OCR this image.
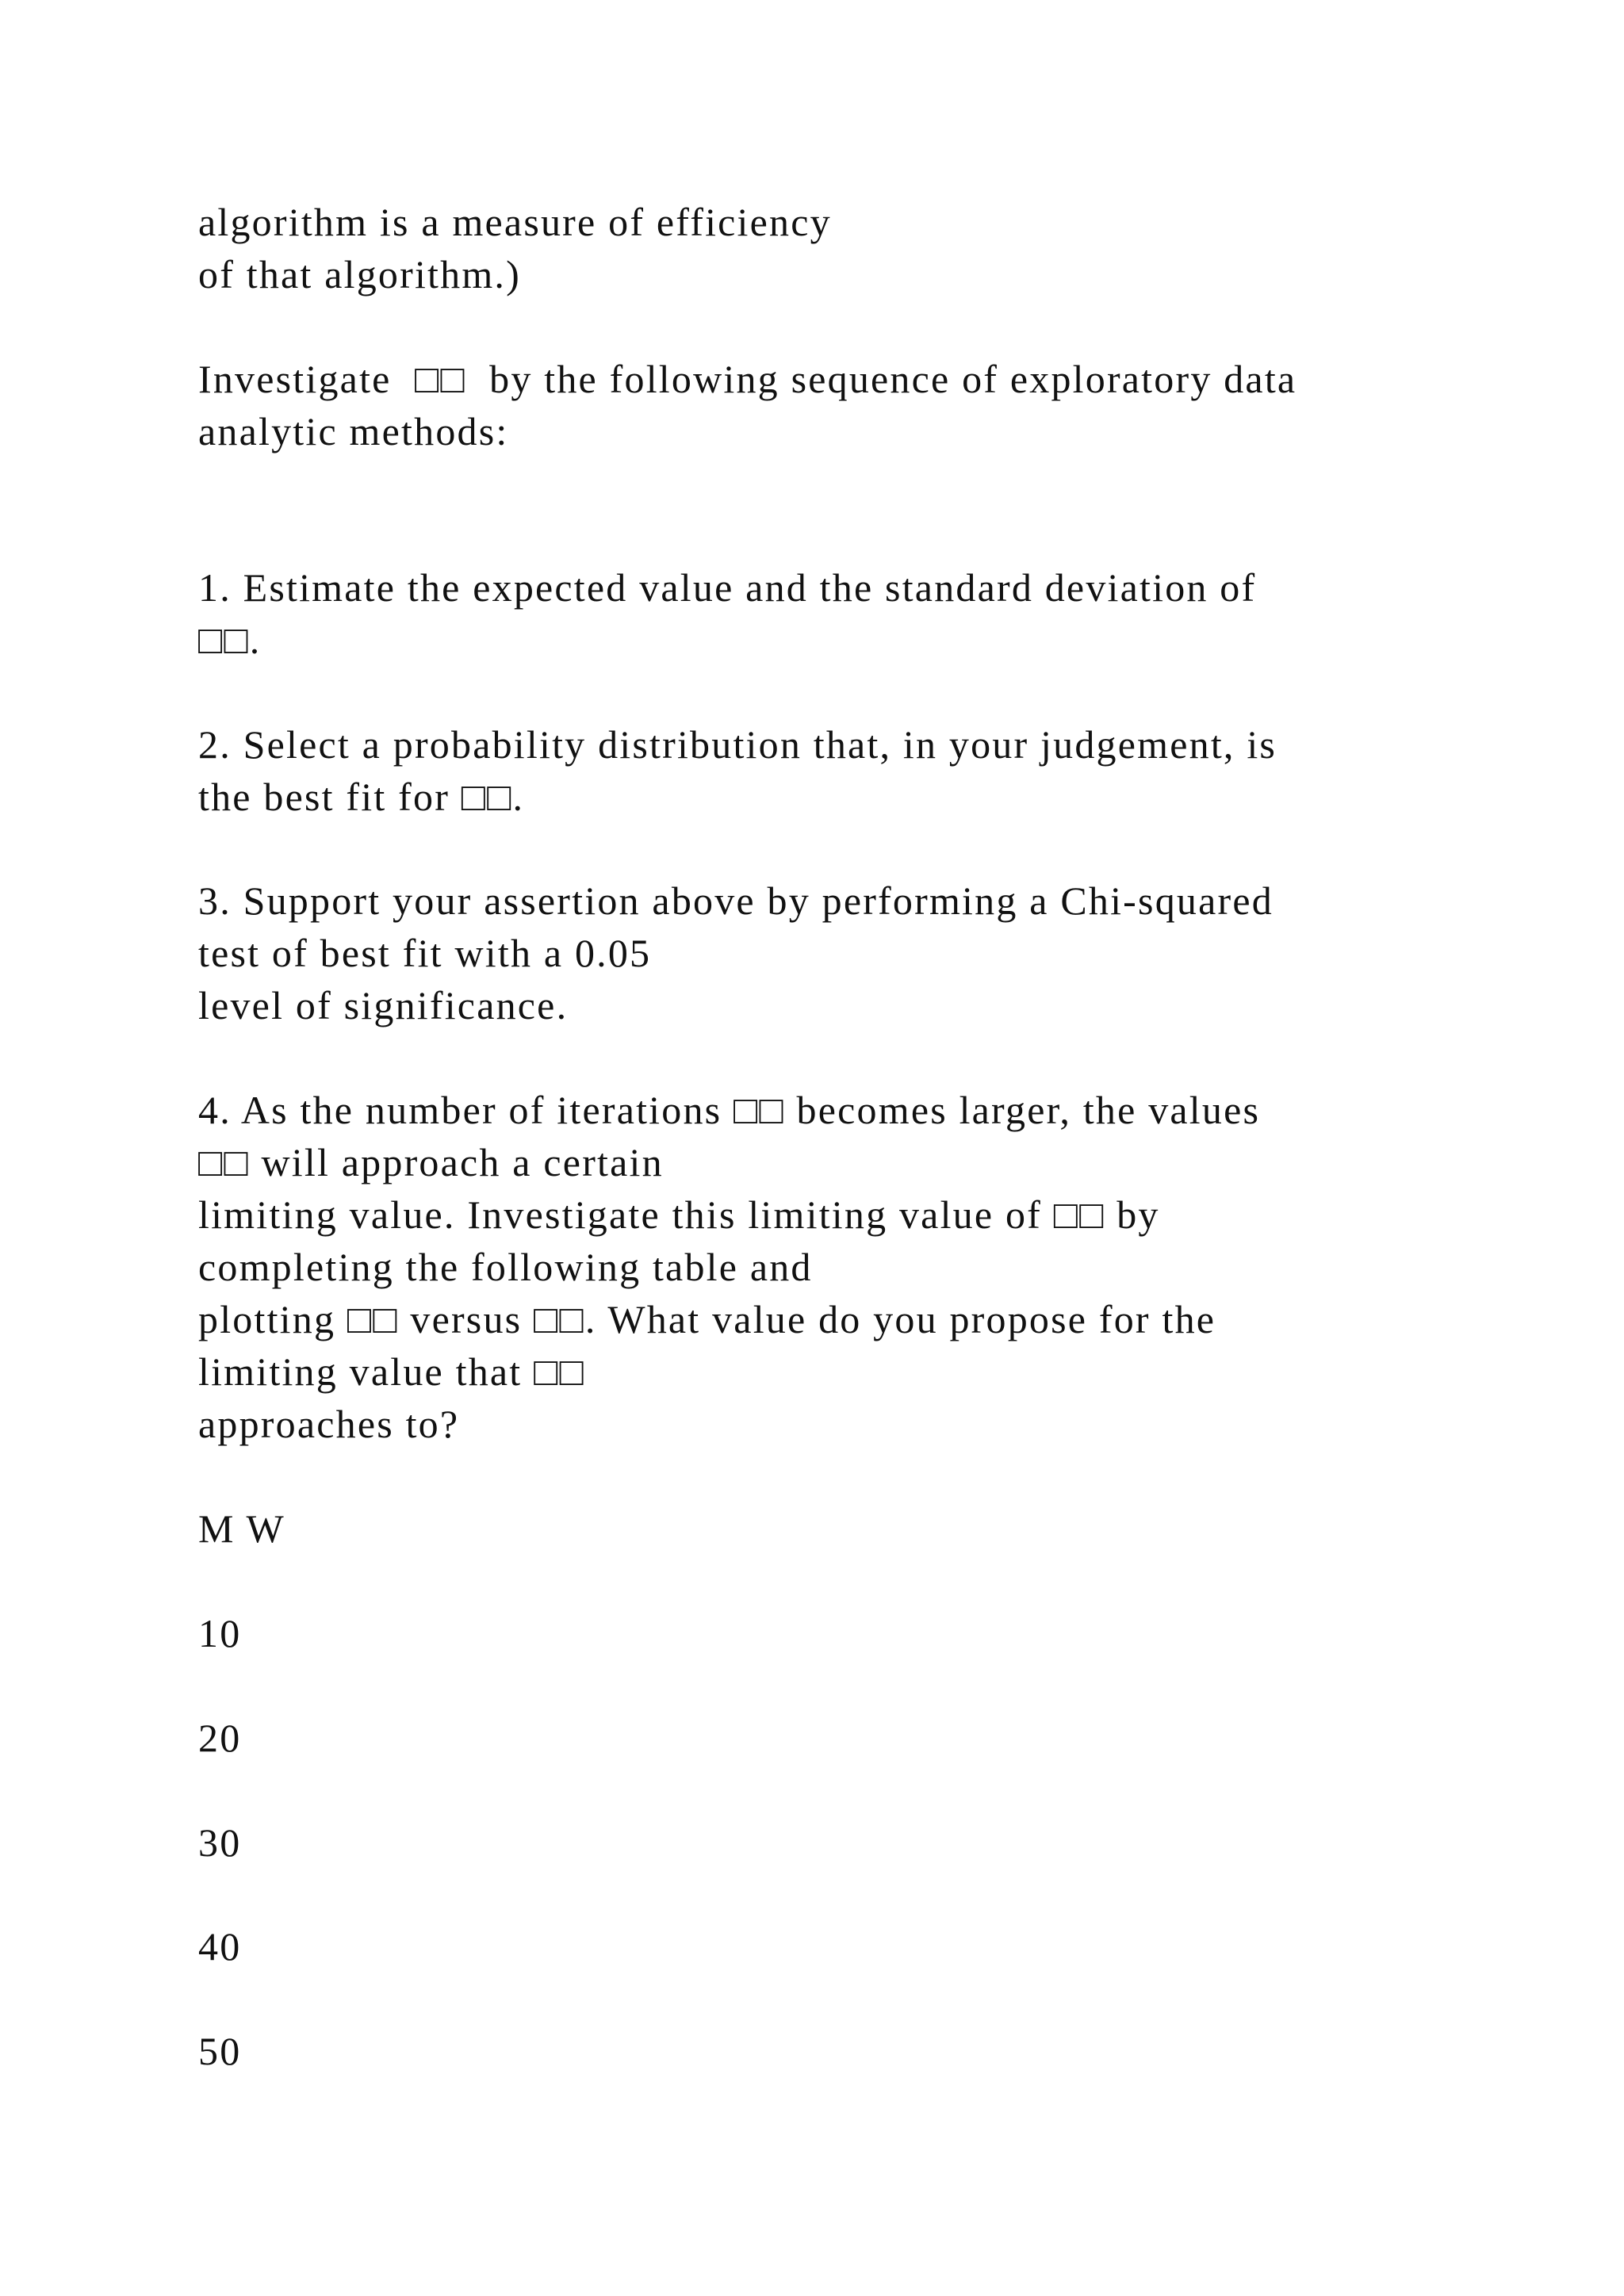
algorithm is a measure of efficiency
of that algorithm.)
Investigate  □□  by the following sequence of exploratory data
analytic methods:
1. Estimate the expected value and the standard deviation of
□□.
2. Select a probability distribution that, in your judgement, is
the best fit for □□.
3. Support your assertion above by performing a Chi-squared
test of best fit with a 0.05
level of significance.
4. As the number of iterations □□ becomes larger, the values
□□ will approach a certain
limiting value. Investigate this limiting value of □□ by
completing the following table and
plotting □□ versus □□. What value do you propose for the
limiting value that □□
approaches to?
M W
10
20
30
40
50
